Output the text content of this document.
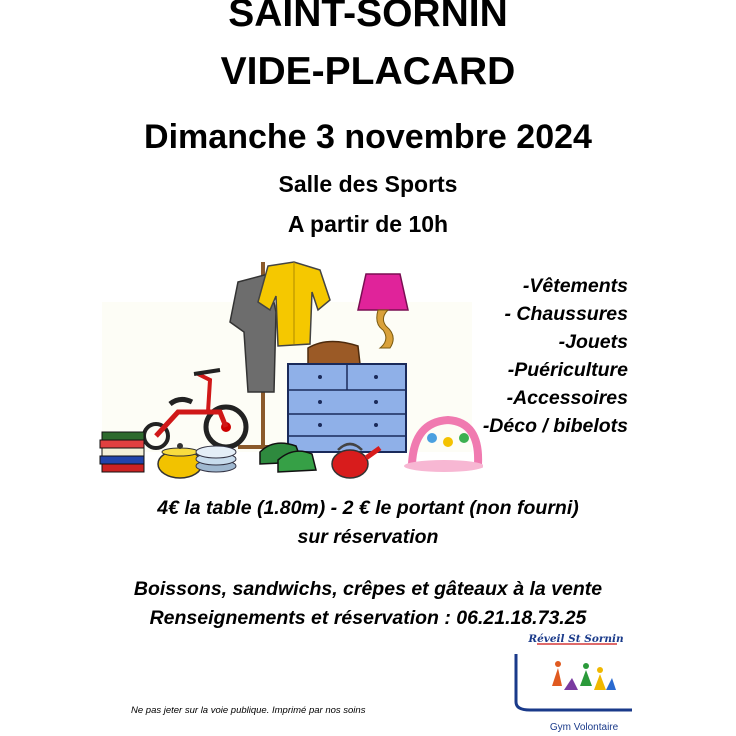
SAINT-SORNIN
VIDE-PLACARD
Dimanche 3 novembre 2024
Salle des Sports
A partir de 10h
-Vêtements
- Chaussures
-Jouets
-Puériculture
-Accessoires
-Déco / bibelots
4€ la table (1.80m) - 2 € le portant (non fourni)
sur réservation
Boissons, sandwichs, crêpes et gâteaux à la vente
Renseignements et réservation : 06.21.18.73.25
Réveil St Sornin
Gym Volontaire
Ne pas jeter sur la voie publique. Imprimé par nos soins
